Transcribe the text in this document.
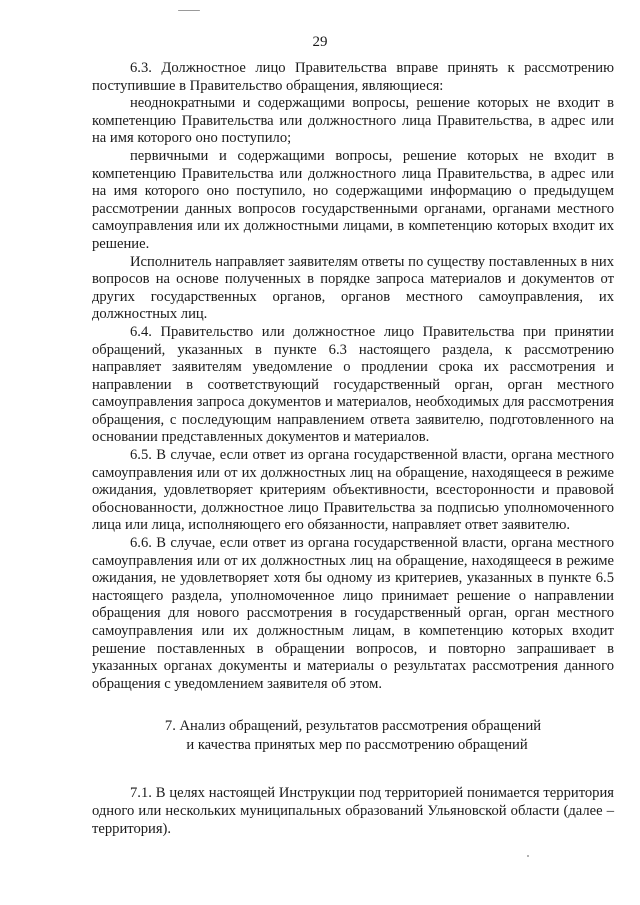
29

6.3. Должностное лицо Правительства вправе принять к рассмотрению поступившие в Правительство обращения, являющиеся:

неоднократными и содержащими вопросы, решение которых не входит в компетенцию Правительства или должностного лица Правительства, в адрес или на имя которого оно поступило;

первичными и содержащими вопросы, решение которых не входит в компетенцию Правительства или должностного лица Правительства, в адрес или на имя которого оно поступило, но содержащими информацию о предыдущем рассмотрении данных вопросов государственными органами, органами местного самоуправления или их должностными лицами, в компетенцию которых входит их решение.

Исполнитель направляет заявителям ответы по существу поставленных в них вопросов на основе полученных в порядке запроса материалов и документов от других государственных органов, органов местного самоуправления, их должностных лиц.

6.4. Правительство или должностное лицо Правительства при принятии обращений, указанных в пункте 6.3 настоящего раздела, к рассмотрению направляет заявителям уведомление о продлении срока их рассмотрения и направлении в соответствующий государственный орган, орган местного самоуправления запроса документов и материалов, необходимых для рассмотрения обращения, с последующим направлением ответа заявителю, подготовленного на основании представленных документов и материалов.

6.5. В случае, если ответ из органа государственной власти, органа местного самоуправления или от их должностных лиц на обращение, находящееся в режиме ожидания, удовлетворяет критериям объективности, всесторонности и правовой обоснованности, должностное лицо Правительства за подписью уполномоченного лица или лица, исполняющего его обязанности, направляет ответ заявителю.

6.6. В случае, если ответ из органа государственной власти, органа местного самоуправления или от их должностных лиц на обращение, находящееся в режиме ожидания, не удовлетворяет хотя бы одному из критериев, указанных в пункте 6.5 настоящего раздела, уполномоченное лицо принимает решение о направлении обращения для нового рассмотрения в государственный орган, орган местного самоуправления или их должностным лицам, в компетенцию которых входит решение поставленных в обращении вопросов, и повторно запрашивает в указанных органах документы и материалы о результатах рассмотрения данного обращения с уведомлением заявителя об этом.

7. Анализ обращений, результатов рассмотрения обращений
и качества принятых мер по рассмотрению обращений

7.1. В целях настоящей Инструкции под территорией понимается территория одного или нескольких муниципальных образований Ульяновской области (далее – территория).
